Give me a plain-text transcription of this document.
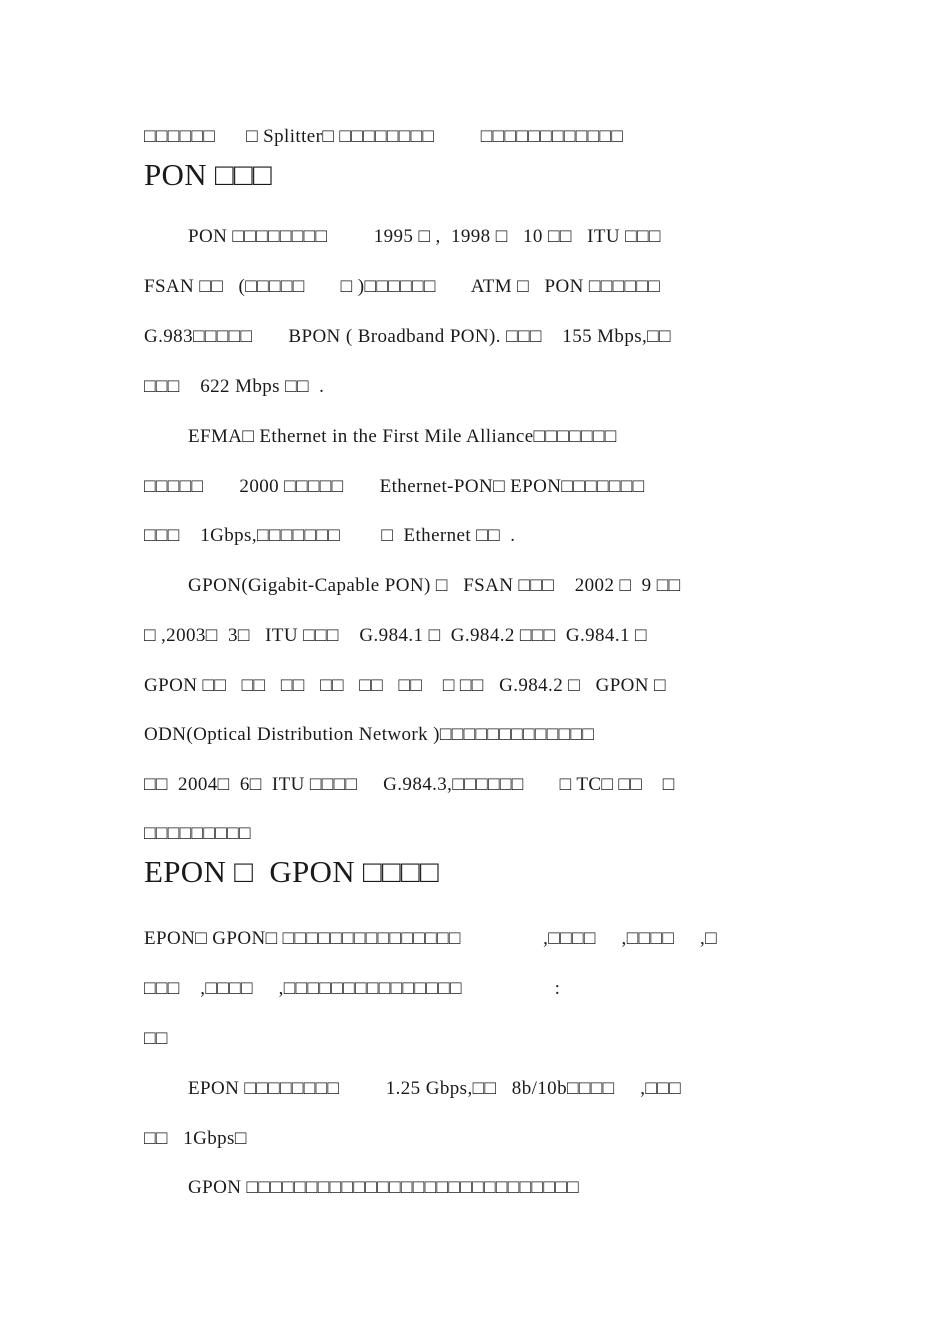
□□□□□□      □ Splitter□ □□□□□□□□         □□□□□□□□□□□□
PON □□□
PON □□□□□□□□         1995 □ ,  1998 □   10 □□   ITU □□□
FSAN □□   (□□□□□       □ )□□□□□□       ATM □   PON □□□□□□
G.983□□□□□       BPON ( Broadband PON). □□□    155 Mbps,□□
□□□    622 Mbps □□  .
EFMA□ Ethernet in the First Mile Alliance□□□□□□□
□□□□□       2000 □□□□□       Ethernet-PON□ EPON□□□□□□□
□□□    1Gbps,□□□□□□□        □  Ethernet □□  .
GPON(Gigabit-Capable PON) □   FSAN □□□    2002 □  9 □□
□ ,2003□  3□   ITU □□□    G.984.1 □  G.984.2 □□□  G.984.1 □
GPON □□   □□   □□   □□   □□   □□    □ □□   G.984.2 □   GPON □
ODN(Optical Distribution Network )□□□□□□□□□□□□□
□□  2004□  6□  ITU □□□□     G.984.3,□□□□□□       □ TC□ □□    □
□□□□□□□□□
EPON □  GPON □□□□
EPON□ GPON□ □□□□□□□□□□□□□□□                ,□□□□     ,□□□□     ,□
□□□    ,□□□□     ,□□□□□□□□□□□□□□□                  :
□□
EPON □□□□□□□□         1.25 Gbps,□□   8b/10b□□□□     ,□□□
□□   1Gbps□
GPON □□□□□□□□□□□□□□□□□□□□□□□□□□□□
